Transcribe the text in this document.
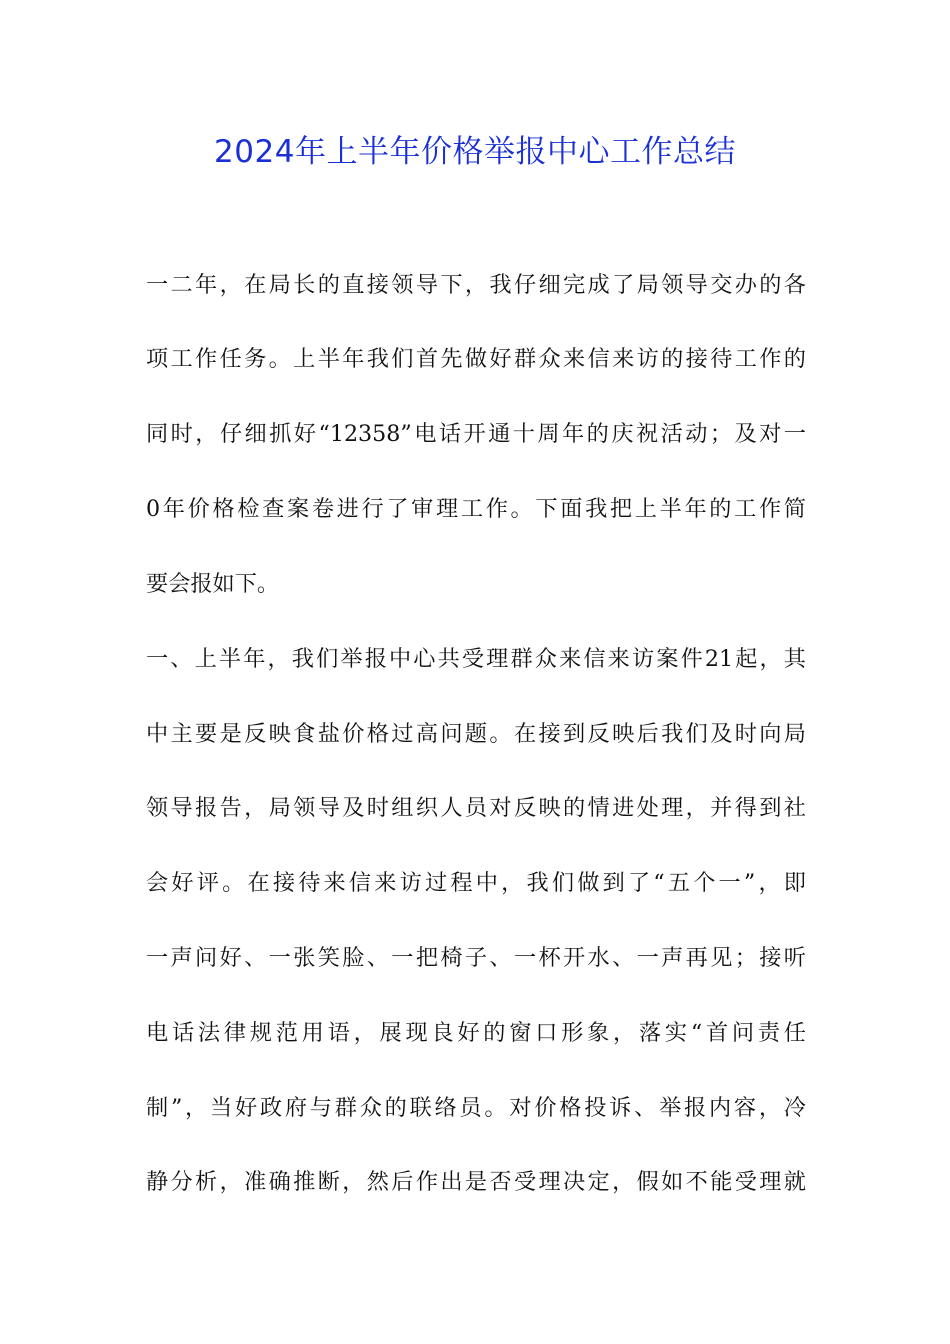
2024年上半年价格举报中心工作总结
一二年，在局长的直接领导下，我仔细完成了局领导交办的各
项工作任务。上半年我们首先做好群众来信来访的接待工作的
同时，仔细抓好“12358”电话开通十周年的庆祝活动；及对一
0年价格检查案卷进行了审理工作。下面我把上半年的工作简
要会报如下。
一、上半年，我们举报中心共受理群众来信来访案件21起，其
中主要是反映食盐价格过高问题。在接到反映后我们及时向局
领导报告，局领导及时组织人员对反映的情进处理，并得到社
会好评。在接待来信来访过程中，我们做到了“五个一”，即
一声问好、一张笑脸、一把椅子、一杯开水、一声再见；接听
电话法律规范用语，展现良好的窗口形象，落实“首问责任
制”，当好政府与群众的联络员。对价格投诉、举报内容，冷
静分析，准确推断，然后作出是否受理决定，假如不能受理就
